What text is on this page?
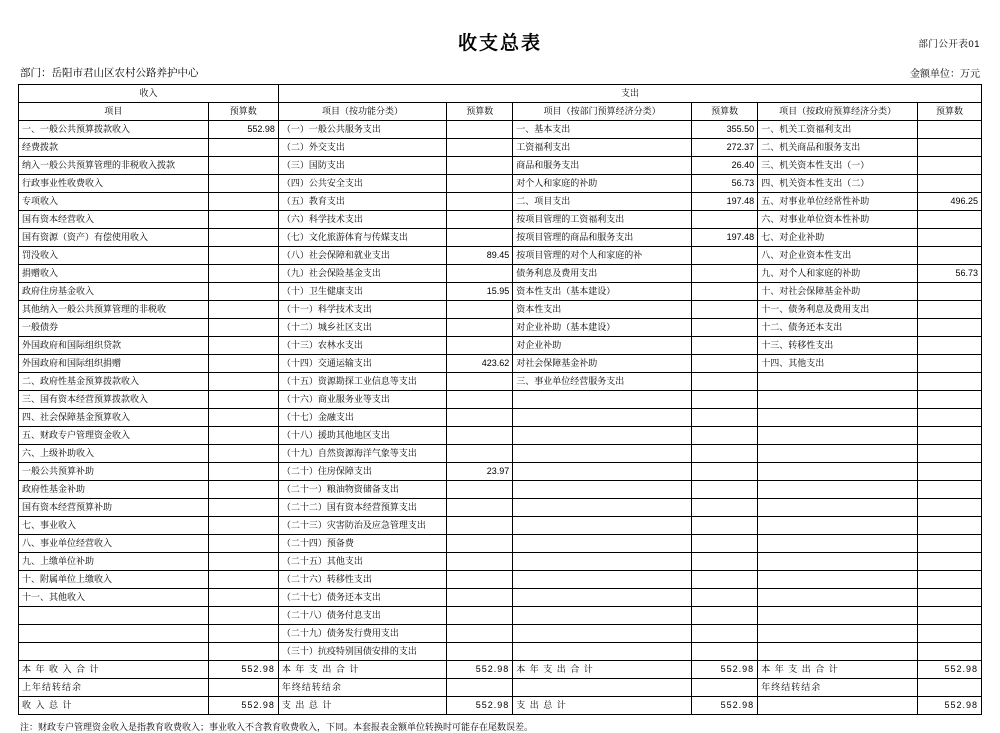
部门公开表01
收支总表
部门：岳阳市君山区农村公路养护中心	金额单位：万元
收入		支出					
项目	预算数	项目（按功能分类）	预算数	项目（按部门预算经济分类）	预算数	项目（按政府预算经济分类）	预算数
一、一般公共预算拨款收入	552.98	（一）一般公共服务支出		一、基本支出	355.50	一、机关工资福利支出	
经费拨款		（二）外交支出		工资福利支出	272.37	二、机关商品和服务支出	
纳入一般公共预算管理的非税收入拨款		（三）国防支出		商品和服务支出	26.40	三、机关资本性支出（一）	
行政事业性收费收入		（四）公共安全支出		对个人和家庭的补助	56.73	四、机关资本性支出（二）	
专项收入		（五）教育支出		二、项目支出	197.48	五、对事业单位经常性补助	496.25
国有资本经营收入		（六）科学技术支出		按项目管理的工资福利支出		六、对事业单位资本性补助	
国有资源（资产）有偿使用收入		（七）文化旅游体育与传媒支出		按项目管理的商品和服务支出	197.48	七、对企业补助	
罚没收入		（八）社会保障和就业支出	89.45	按项目管理的对个人和家庭的补		八、对企业资本性支出	
捐赠收入		（九）社会保险基金支出		债务利息及费用支出		九、对个人和家庭的补助	56.73
政府住房基金收入		（十）卫生健康支出	15.95	资本性支出（基本建设）		十、对社会保障基金补助	
其他纳入一般公共预算管理的非税收		（十一）科学技术支出		资本性支出		十一、债务利息及费用支出	
一般债券		（十二）城乡社区支出		对企业补助（基本建设）		十二、债务还本支出	
外国政府和国际组织贷款		（十三）农林水支出		对企业补助		十三、转移性支出	
外国政府和国际组织捐赠		（十四）交通运输支出	423.62	对社会保障基金补助		十四、其他支出	
二、政府性基金预算拨款收入		（十五）资源勘探工业信息等支出		三、事业单位经营服务支出			
三、国有资本经营预算拨款收入		（十六）商业服务业等支出					
四、社会保障基金预算收入		（十七）金融支出					
五、财政专户管理资金收入		（十八）援助其他地区支出					
六、上级补助收入		（十九）自然资源海洋气象等支出					
一般公共预算补助		（二十）住房保障支出	23.97				
政府性基金补助		（二十一）粮油物资储备支出					
国有资本经营预算补助		（二十二）国有资本经营预算支出					
七、事业收入		（二十三）灾害防治及应急管理支出					
八、事业单位经营收入		（二十四）预备费					
九、上缴单位补助		（二十五）其他支出					
十、附属单位上缴收入		（二十六）转移性支出					
十一、其他收入		（二十七）债务还本支出					
		（二十八）债务付息支出					
		（二十九）债务发行费用支出					
		（三十）抗疫特别国债安排的支出					
本 年 收 入 合 计	552.98	本 年 支 出 合 计	552.98	本 年 支 出 合 计	552.98	本 年 支 出 合 计	552.98
上年结转结余		年终结转结余				年终结转结余	
收 入 总 计	552.98	支 出 总 计	552.98	支 出 总 计	552.98		552.98
注：财政专户管理资金收入是指教育收费收入；事业收入不含教育收费收入，下同。本套报表金额单位转换时可能存在尾数误差。
